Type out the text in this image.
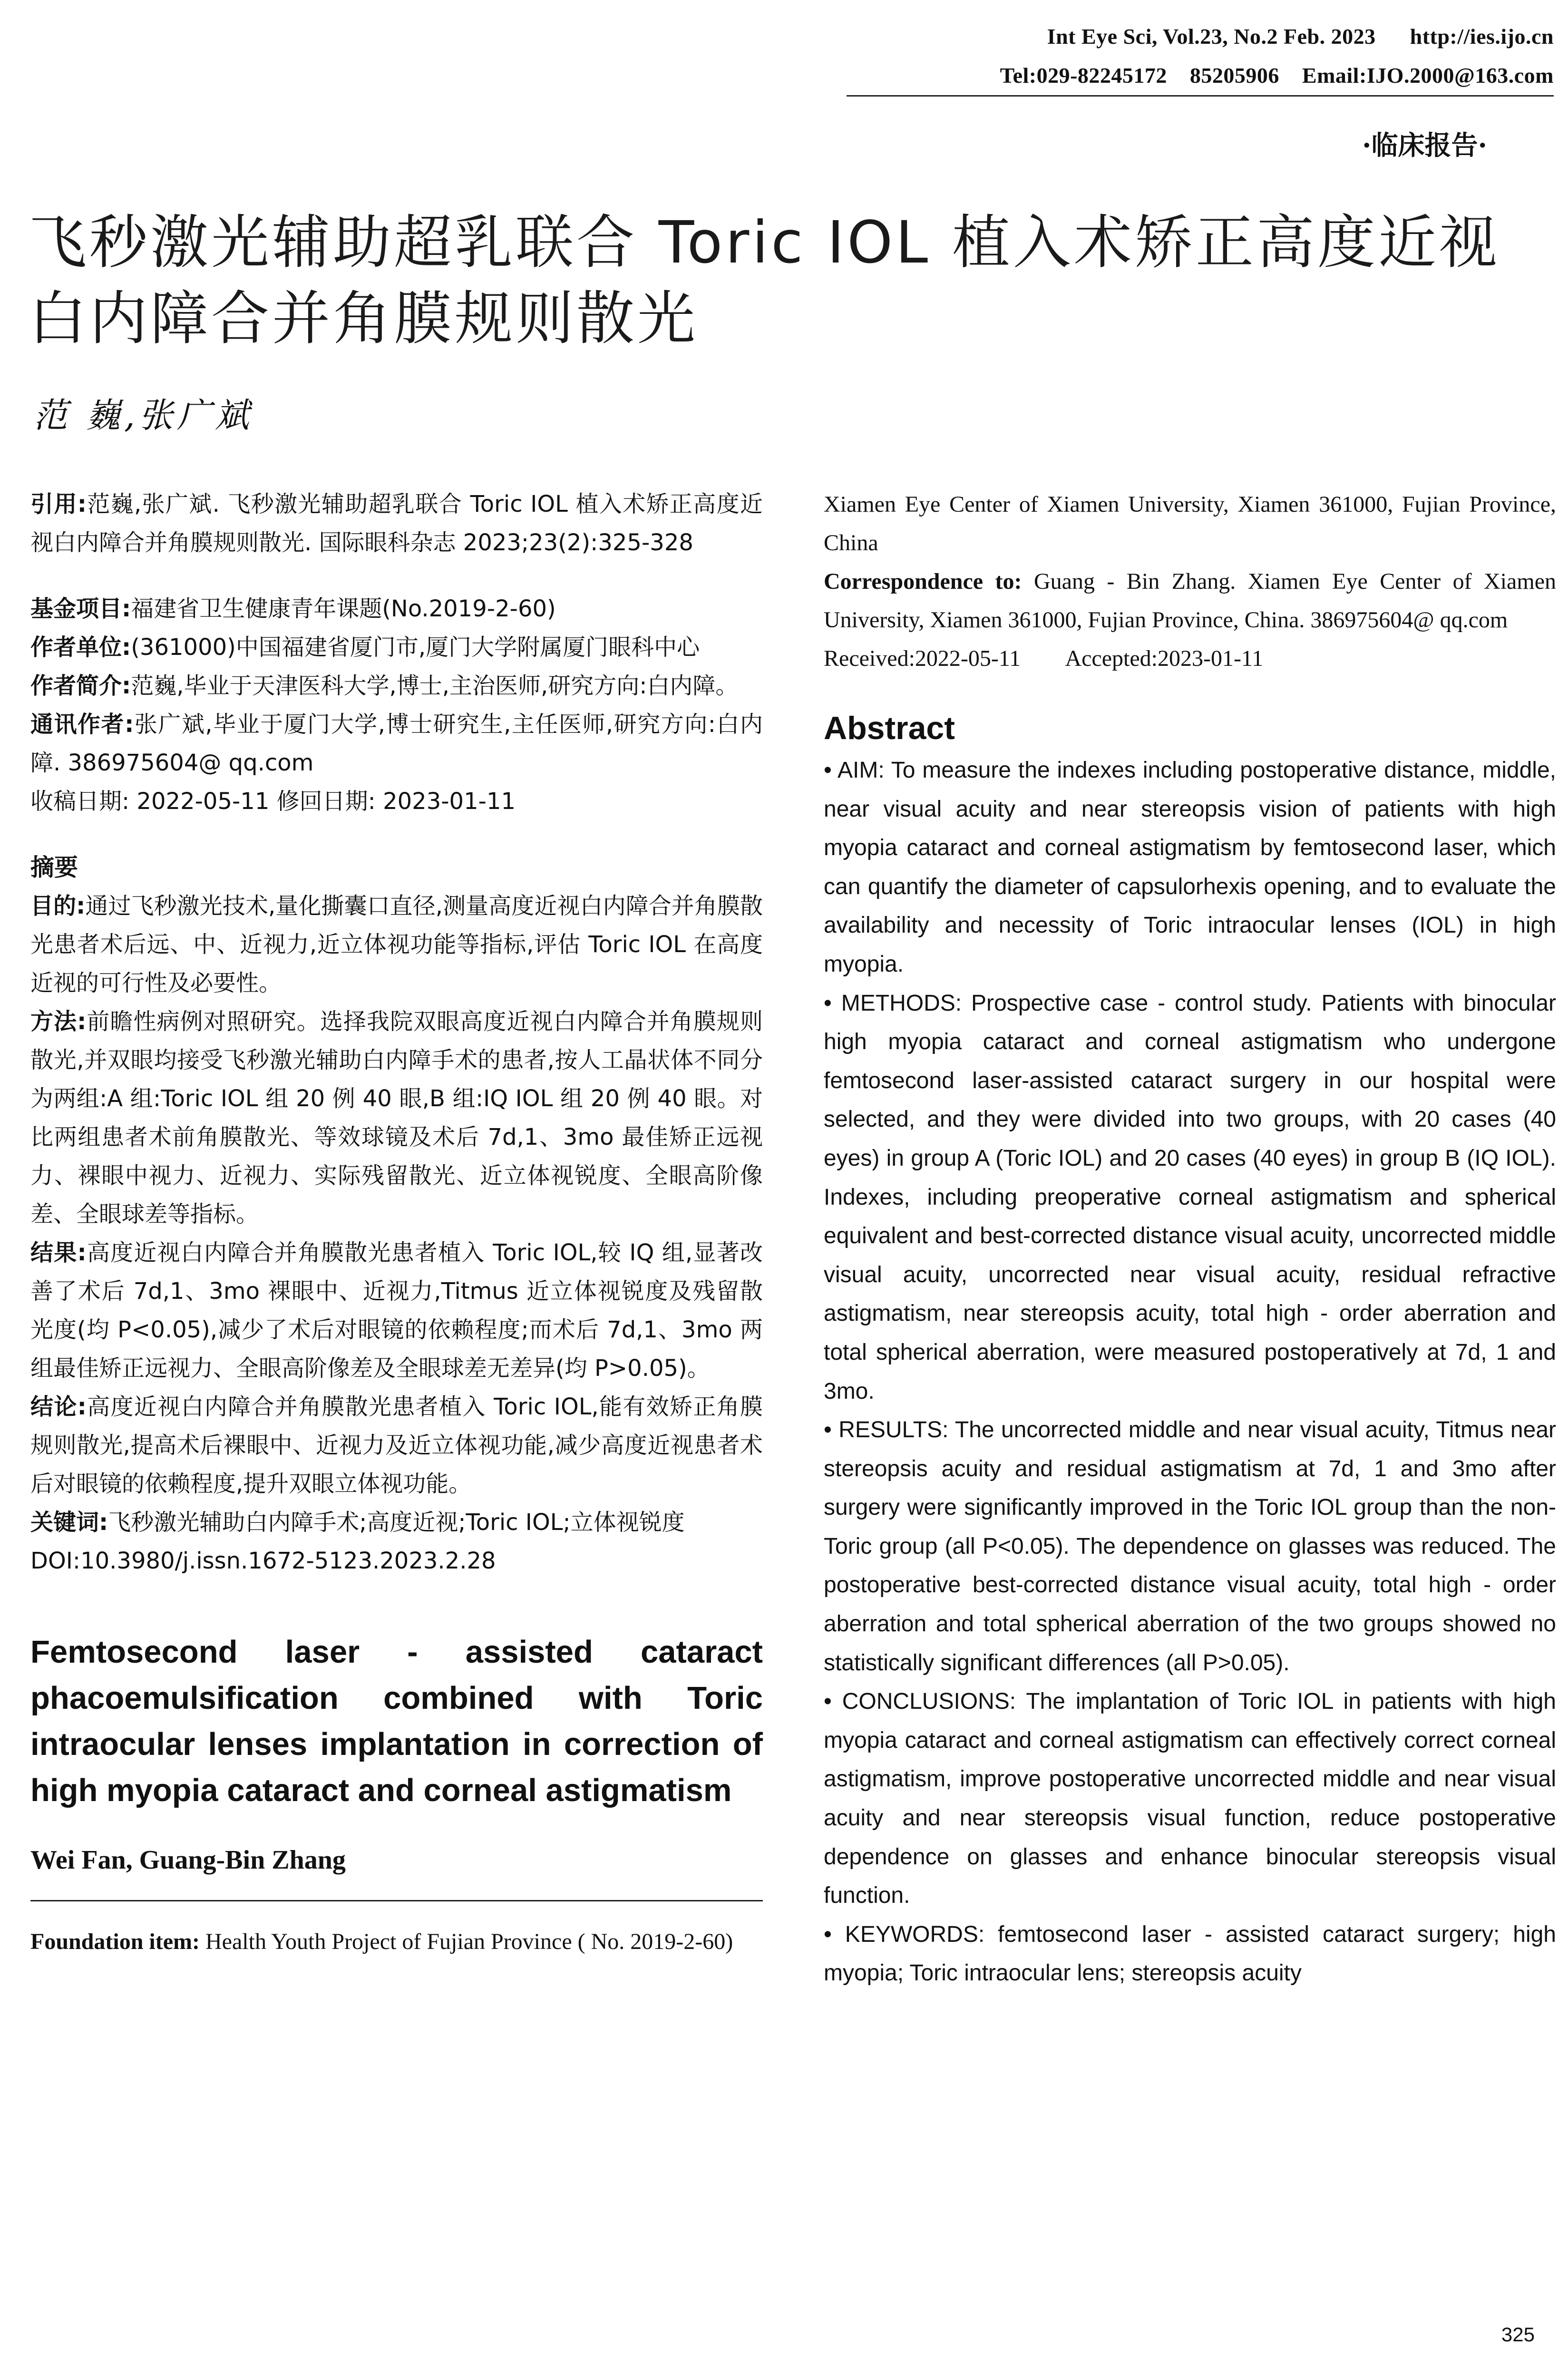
Int Eye Sci, Vol.23, No.2 Feb. 2023      http://ies.ijo.cn
Tel:029-82245172    85205906    Email:IJO.2000@163.com
·临床报告·
飞秒激光辅助超乳联合 Toric IOL 植入术矫正高度近视白内障合并角膜规则散光
范 巍,张广斌

引用:范巍,张广斌. 飞秒激光辅助超乳联合 Toric IOL 植入术矫正高度近视白内障合并角膜规则散光. 国际眼科杂志 2023;23(2):325-328

基金项目:福建省卫生健康青年课题(No.2019-2-60)

作者单位:(361000)中国福建省厦门市,厦门大学附属厦门眼科中心

作者简介:范巍,毕业于天津医科大学,博士,主治医师,研究方向:白内障。

通讯作者:张广斌,毕业于厦门大学,博士研究生,主任医师,研究方向:白内障. 386975604@ qq.com

收稿日期: 2022-05-11 修回日期: 2023-01-11

摘要

目的:通过飞秒激光技术,量化撕囊口直径,测量高度近视白内障合并角膜散光患者术后远、中、近视力,近立体视功能等指标,评估 Toric IOL 在高度近视的可行性及必要性。

方法:前瞻性病例对照研究。选择我院双眼高度近视白内障合并角膜规则散光,并双眼均接受飞秒激光辅助白内障手术的患者,按人工晶状体不同分为两组:A 组:Toric IOL 组 20 例 40 眼,B 组:IQ IOL 组 20 例 40 眼。对比两组患者术前角膜散光、等效球镜及术后 7d,1、3mo 最佳矫正远视力、裸眼中视力、近视力、实际残留散光、近立体视锐度、全眼高阶像差、全眼球差等指标。

结果:高度近视白内障合并角膜散光患者植入 Toric IOL,较 IQ 组,显著改善了术后 7d,1、3mo 裸眼中、近视力,Titmus 近立体视锐度及残留散光度(均 P<0.05),减少了术后对眼镜的依赖程度;而术后 7d,1、3mo 两组最佳矫正远视力、全眼高阶像差及全眼球差无差异(均 P>0.05)。

结论:高度近视白内障合并角膜散光患者植入 Toric IOL,能有效矫正角膜规则散光,提高术后裸眼中、近视力及近立体视功能,减少高度近视患者术后对眼镜的依赖程度,提升双眼立体视功能。

关键词:飞秒激光辅助白内障手术;高度近视;Toric IOL;立体视锐度

DOI:10.3980/j.issn.1672-5123.2023.2.28

Femtosecond laser - assisted cataract phacoemulsification combined with Toric intraocular lenses implantation in correction of high myopia cataract and corneal astigmatism

Wei Fan, Guang-Bin Zhang

Foundation item: Health Youth Project of Fujian Province ( No. 2019-2-60)

Xiamen Eye Center of Xiamen University, Xiamen 361000, Fujian Province, China

Correspondence to: Guang - Bin Zhang. Xiamen Eye Center of Xiamen University, Xiamen 361000, Fujian Province, China. 386975604@ qq.com

Received:2022-05-11        Accepted:2023-01-11

Abstract

• AIM: To measure the indexes including postoperative distance, middle, near visual acuity and near stereopsis vision of patients with high myopia cataract and corneal astigmatism by femtosecond laser, which can quantify the diameter of capsulorhexis opening, and to evaluate the availability and necessity of Toric intraocular lenses (IOL) in high myopia.

• METHODS: Prospective case - control study. Patients with binocular high myopia cataract and corneal astigmatism who undergone femtosecond laser-assisted cataract surgery in our hospital were selected, and they were divided into two groups, with 20 cases (40 eyes) in group A (Toric IOL) and 20 cases (40 eyes) in group B (IQ IOL). Indexes, including preoperative corneal astigmatism and spherical equivalent and best-corrected distance visual acuity, uncorrected middle visual acuity, uncorrected near visual acuity, residual refractive astigmatism, near stereopsis acuity, total high - order aberration and total spherical aberration, were measured postoperatively at 7d, 1 and 3mo.

• RESULTS: The uncorrected middle and near visual acuity, Titmus near stereopsis acuity and residual astigmatism at 7d, 1 and 3mo after surgery were significantly improved in the Toric IOL group than the non-Toric group (all P<0.05). The dependence on glasses was reduced. The postoperative best-corrected distance visual acuity, total high - order aberration and total spherical aberration of the two groups showed no statistically significant differences (all P>0.05).

• CONCLUSIONS: The implantation of Toric IOL in patients with high myopia cataract and corneal astigmatism can effectively correct corneal astigmatism, improve postoperative uncorrected middle and near visual acuity and near stereopsis visual function, reduce postoperative dependence on glasses and enhance binocular stereopsis visual function.

• KEYWORDS: femtosecond laser - assisted cataract surgery; high myopia; Toric intraocular lens; stereopsis acuity

325
